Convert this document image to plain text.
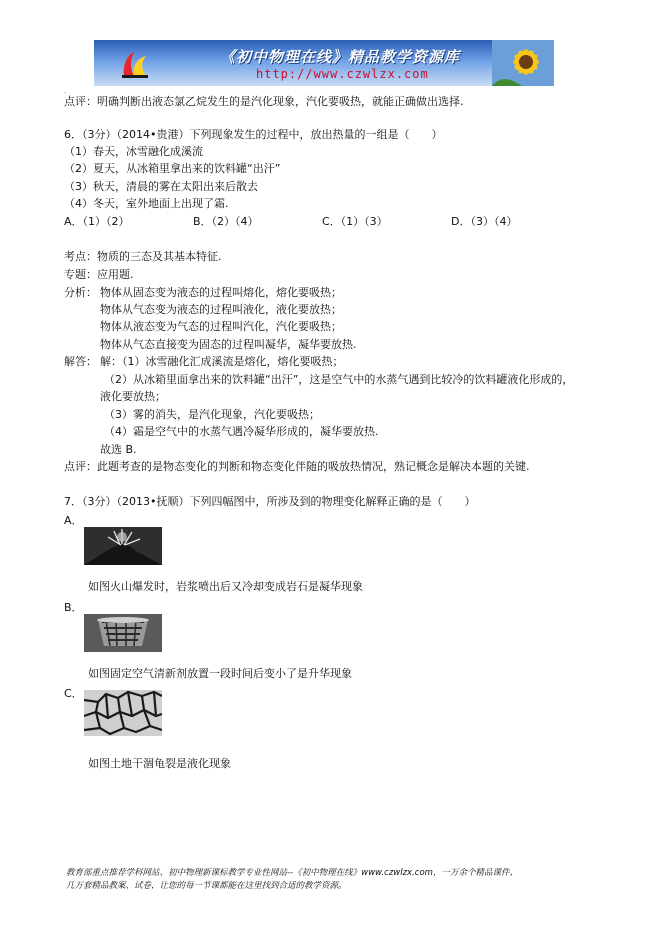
《初中物理在线》精品教学资源库
http://www.czwlzx.com
.
点评：明确判断出液态氯乙烷发生的是汽化现象，汽化要吸热，就能正确做出选择.
6．（3分）（2014•贵港）下列现象发生的过程中，放出热量的一组是（　　）
（1）春天，冰雪融化成溪流
（2）夏天，从冰箱里拿出来的饮料罐“出汗”
（3）秋天，清晨的雾在太阳出来后散去
（4）冬天，室外地面上出现了霜.
A．（1）（2）	B．（2）（4）	C．（1）（3）	D．（3）（4）
考点：物质的三态及其基本特征.
专题：应用题.
分析： 物体从固态变为液态的过程叫熔化，熔化要吸热；
物体从气态变为液态的过程叫液化，液化要放热；
物体从液态变为气态的过程叫汽化，汽化要吸热；
物体从气态直接变为固态的过程叫凝华，凝华要放热.
解答： 解：（1）冰雪融化汇成溪流是熔化，熔化要吸热；
（2）从冰箱里面拿出来的饮料罐“出汗”，这是空气中的水蒸气遇到比较冷的饮料罐液化形成的，
液化要放热；
（3）雾的消失，是汽化现象，汽化要吸热；
（4）霜是空气中的水蒸气遇冷凝华形成的，凝华要放热.
故选 B.
点评：此题考查的是物态变化的判断和物态变化伴随的吸放热情况，熟记概念是解决本题的关键.
7．（3分）（2013•抚顺）下列四幅图中，所涉及到的物理变化解释正确的是（　　）
A．
如图火山爆发时，岩浆喷出后又冷却变成岩石是凝华现象
B．
如图固定空气清新剂放置一段时间后变小了是升华现象
C．
如图土地干涸龟裂是液化现象
教育部重点推荐学科网站、初中物理新课标教学专业性网站--《初中物理在线》www.czwlzx.com，一万余个精品课件、
几万套精品教案、试卷，让您的每一节课都能在这里找到合适的教学资源。
